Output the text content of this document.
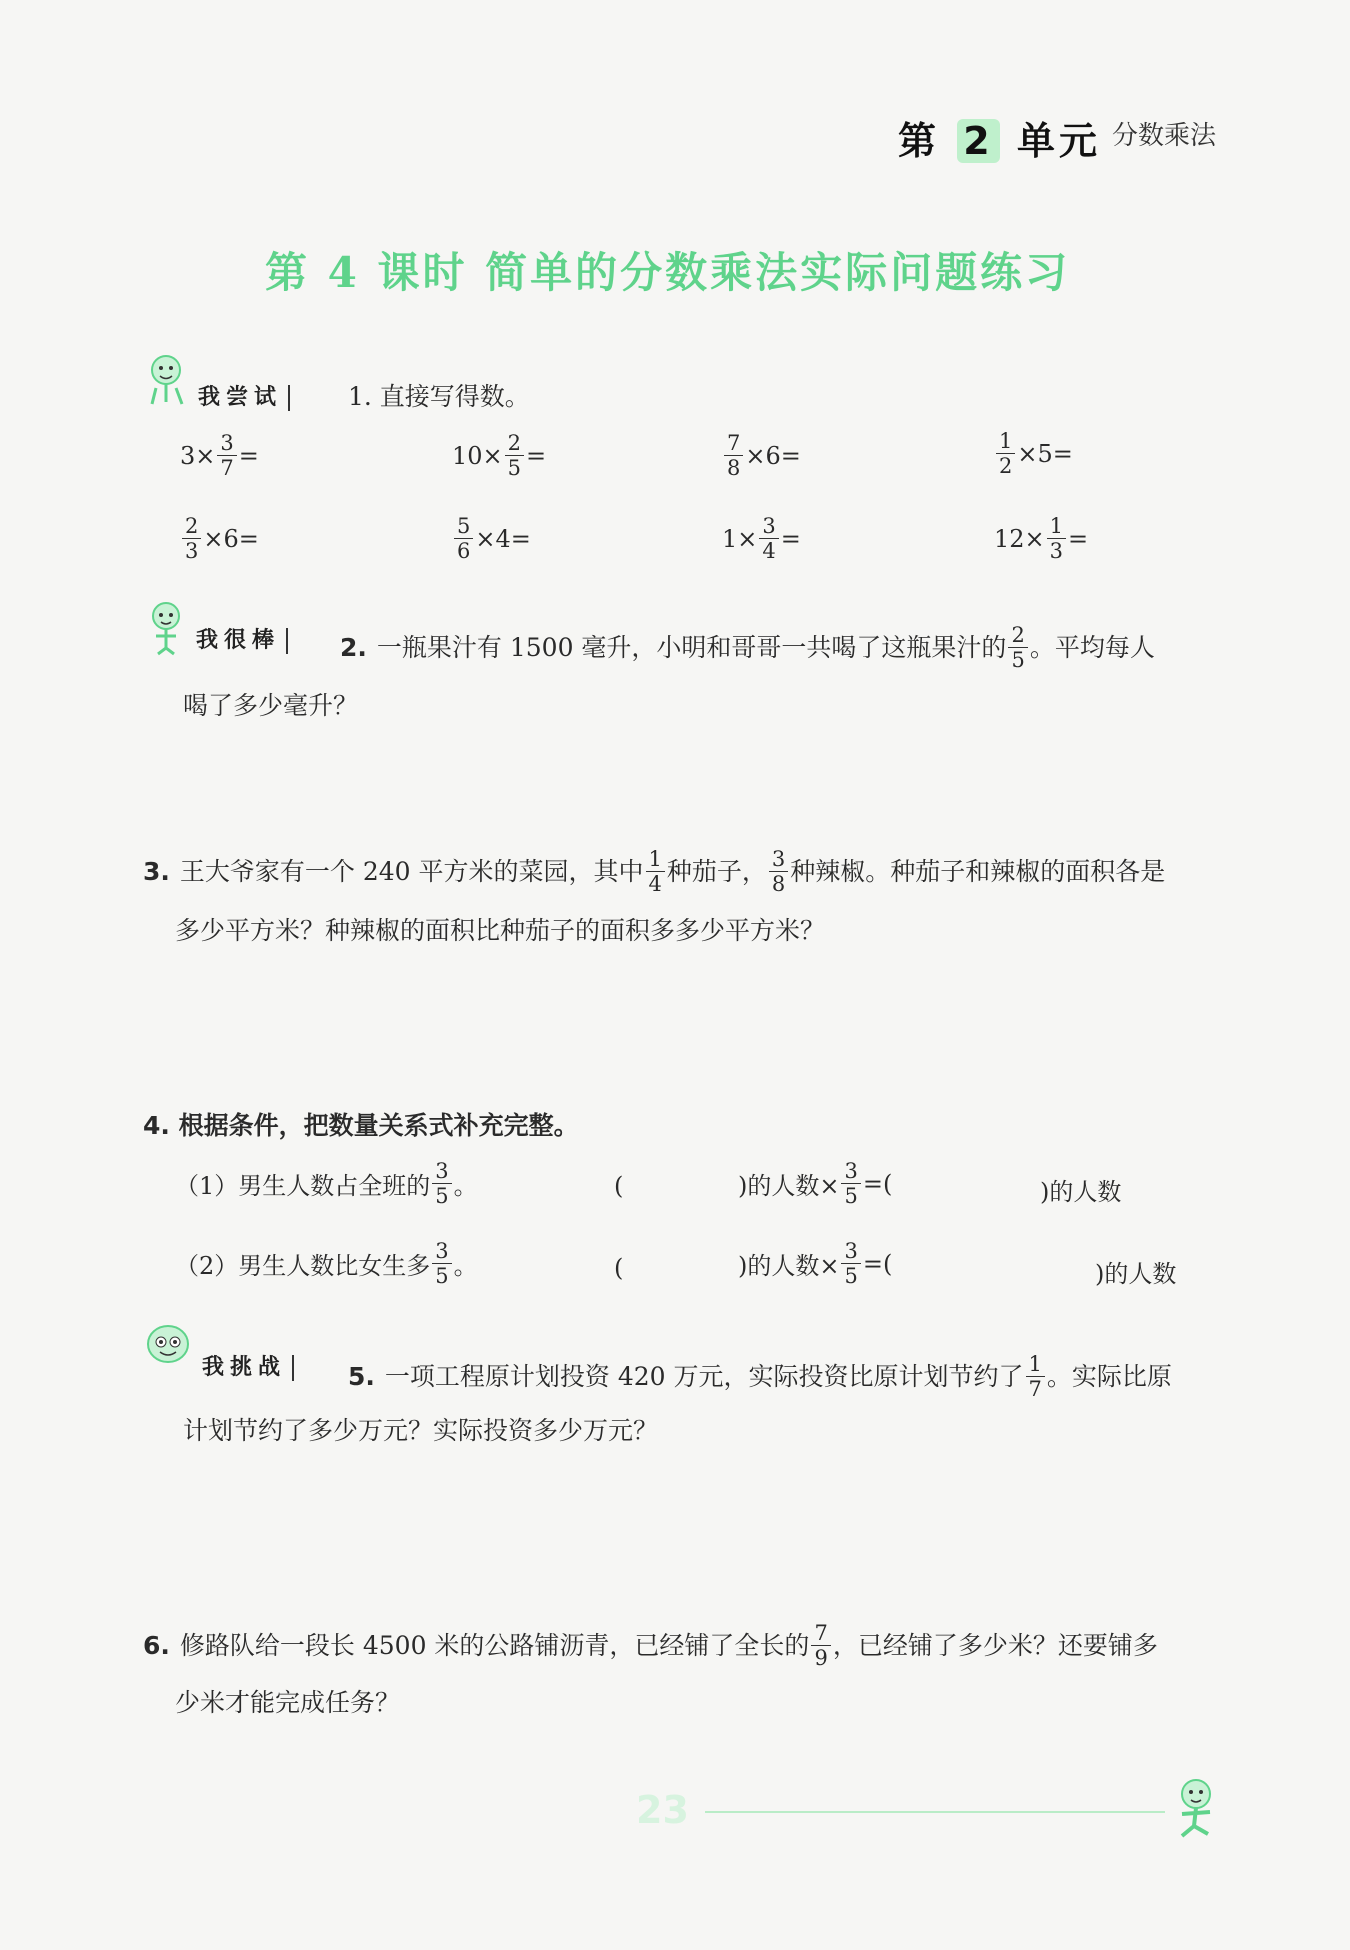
第 2 单元 分数乘法
第 4 课时 简单的分数乘法实际问题练习
我尝试	1. 直接写得数。
$3\times \frac{3}{7}$ =	$10\times \frac{2}{5}$ =	$\frac{7}{8} \times 6=$	$\frac{1}{2} \times 5=$
$\frac{2}{3} \times 6=$	$\frac{5}{6} \times 4=$	$1\times \frac{3}{4}$ =	$12\times \frac{1}{3}$ =
我很棒	2. 一瓶果汁有 1500 毫升，小明和哥哥一共喝了这瓶果汁的 $\frac{2}{5}$ 。平均每人
喝了多少毫升？
3. 王大爷家有一个 240 平方米的菜园，其中 $\frac{1}{4}$ 种茄子， $\frac{3}{8}$ 种辣椒。种茄子和辣椒的面积各是
多少平方米？种辣椒的面积比种茄子的面积多多少平方米？
4. 根据条件，把数量关系式补充完整。
（1）男生人数占全班的 $\frac{3}{5}$ 。	(	)的人数× $\frac{3}{5}$ =(	)的人数
（2）男生人数比女生多 $\frac{3}{5}$ 。	(	)的人数× $\frac{3}{5}$ =(	)的人数
我挑战	5. 一项工程原计划投资 420 万元，实际投资比原计划节约了 $\frac{1}{7}$ 。实际比原
计划节约了多少万元？实际投资多少万元？
6. 修路队给一段长 4500 米的公路铺沥青，已经铺了全长的 $\frac{7}{9}$ ，已经铺了多少米？还要铺多
少米才能完成任务？
23
